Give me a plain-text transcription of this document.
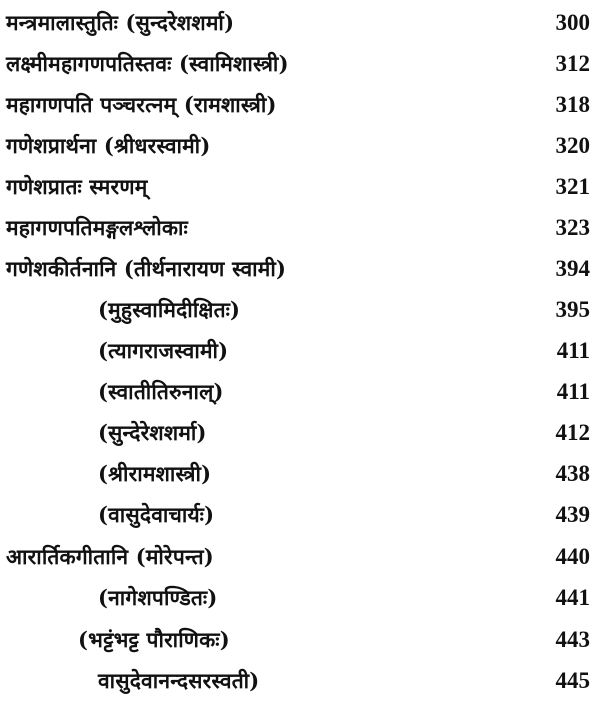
मन्त्रमालास्तुतिः (सुन्दरेशशर्मा)	300
लक्ष्मीमहागणपतिस्तवः (स्वामिशास्त्री)	312
महागणपति पञ्चरत्नम् (रामशास्त्री)	318
गणेशप्रार्थना (श्रीधरस्वामी)	320
गणेशप्रातः स्मरणम्	321
महागणपतिमङ्गलश्लोकाः	323
गणेशकीर्तनानि (तीर्थनारायण स्वामी)	394
(मुहुस्वामिदीक्षितः)	395
(त्यागराजस्वामी)	411
(स्वातीतिरुनाल्)	411
(सुन्देरेशशर्मा)	412
(श्रीरामशास्त्री)	438
(वासुदेवाचार्यः)	439
आरार्तिकगीतानि (मोरेपन्त)	440
(नागेशपण्डितः)	441
(भट्टंभट्ट पौराणिकः)	443
वासुदेवानन्दसरस्वती)	445
